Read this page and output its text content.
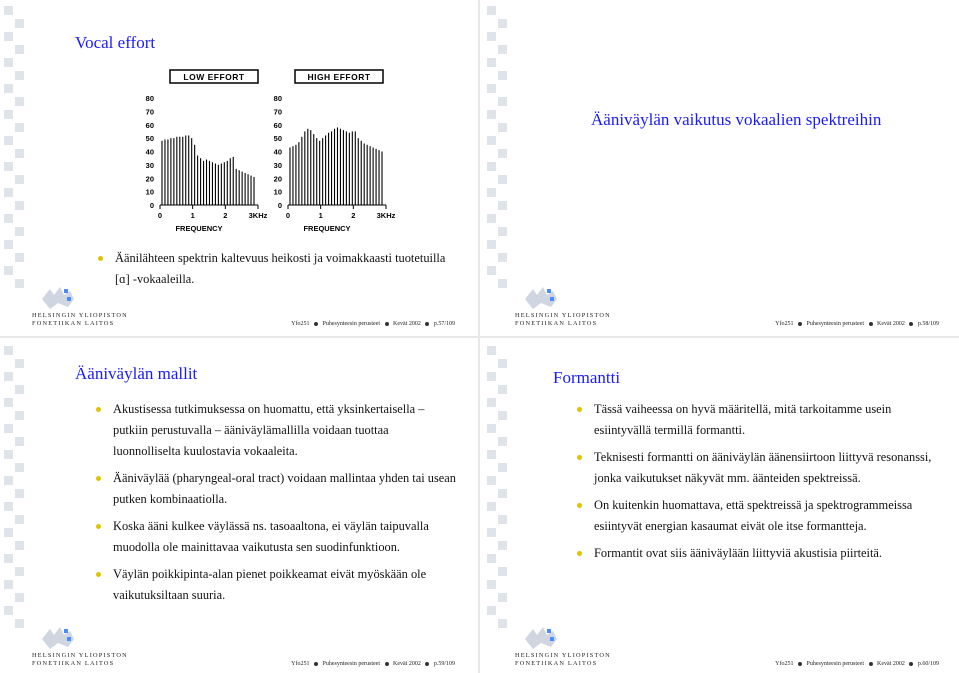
Vocal effort
LOW EFFORT
0
10
20
30
40
50
60
70
80
0	1	2	3KHz
FREQUENCY
HIGH EFFORT
0
10
20
30
40
50
60
70
80
0	1	2	3KHz
FREQUENCY
Äänilähteen spektrin kaltevuus heikosti ja voimakkaasti tuotetuilla [ɑ] -vokaaleilla.
HELSINGIN YLIOPISTON
FONETIIKAN LAITOS	Yfo251 Puhesynteesin perusteet Kevät 2002 p.57/109
Ääniväylän vaikutus vokaalien spektreihin
HELSINGIN YLIOPISTON
FONETIIKAN LAITOS	Yfo251 Puhesynteesin perusteet Kevät 2002 p.58/109
Ääniväylän mallit
Akustisessa tutkimuksessa on huomattu, että yksinkertaisella – putkiin perustuvalla – ääniväylämallilla voidaan tuottaa luonnolliselta kuulostavia vokaaleita.
Ääniväylää (pharyngeal-oral tract) voidaan mallintaa yhden tai usean putken kombinaatiolla.
Koska ääni kulkee väylässä ns. tasoaaltona, ei väylän taipuvalla muodolla ole mainittavaa vaikutusta sen suodinfunktioon.
Väylän poikkipinta-alan pienet poikkeamat eivät myöskään ole vaikutuksiltaan suuria.
HELSINGIN YLIOPISTON
FONETIIKAN LAITOS	Yfo251 Puhesynteesin perusteet Kevät 2002 p.59/109
Formantti
Tässä vaiheessa on hyvä määritellä, mitä tarkoitamme usein esiintyvällä termillä formantti.
Teknisesti formantti on ääniväylän äänensiirtoon liittyvä resonanssi, jonka vaikutukset näkyvät mm. äänteiden spektreissä.
On kuitenkin huomattava, että spektreissä ja spektrogrammeissa esiintyvät energian kasaumat eivät ole itse formantteja.
Formantit ovat siis ääniväylään liittyviä akustisia piirteitä.
HELSINGIN YLIOPISTON
FONETIIKAN LAITOS	Yfo251 Puhesynteesin perusteet Kevät 2002 p.60/109
